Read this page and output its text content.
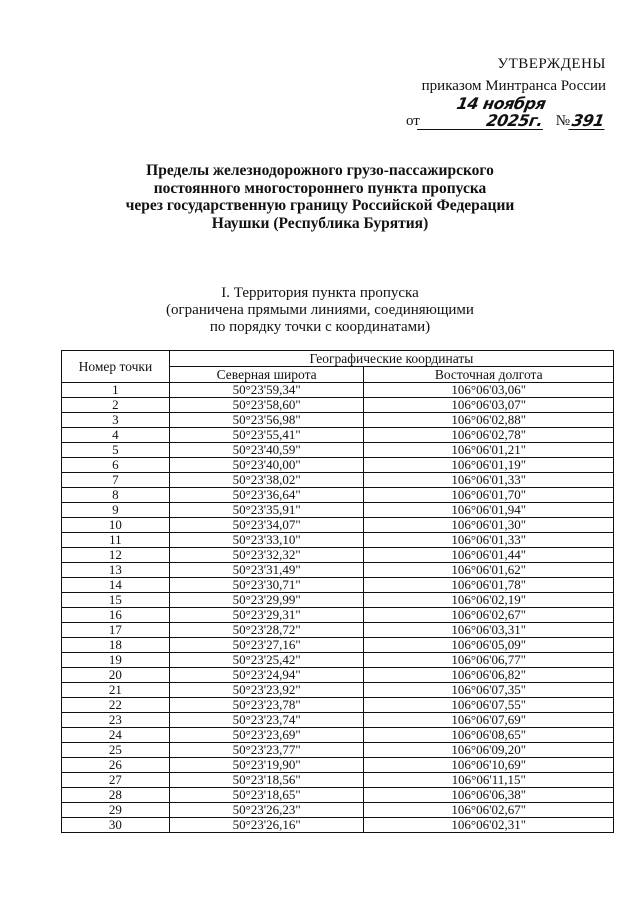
УТВЕРЖДЕНЫ
приказом Минтранса России
от
14 ноября 2025г. № 391
Пределы железнодорожного грузо-пассажирского
постоянного многостороннего пункта пропуска
через государственную границу Российской Федерации
Наушки (Республика Бурятия)
I. Территория пункта пропуска
(ограничена прямыми линиями, соединяющими
по порядку точки с координатами)
Номер точки	Географические координаты	
	Северная широта	Восточная долгота
1	50°23'59,34"	106°06'03,06"
2	50°23'58,60"	106°06'03,07"
3	50°23'56,98"	106°06'02,88"
4	50°23'55,41"	106°06'02,78"
5	50°23'40,59"	106°06'01,21"
6	50°23'40,00"	106°06'01,19"
7	50°23'38,02"	106°06'01,33"
8	50°23'36,64"	106°06'01,70"
9	50°23'35,91"	106°06'01,94"
10	50°23'34,07"	106°06'01,30"
11	50°23'33,10"	106°06'01,33"
12	50°23'32,32"	106°06'01,44"
13	50°23'31,49"	106°06'01,62"
14	50°23'30,71"	106°06'01,78"
15	50°23'29,99"	106°06'02,19"
16	50°23'29,31"	106°06'02,67"
17	50°23'28,72"	106°06'03,31"
18	50°23'27,16"	106°06'05,09"
19	50°23'25,42"	106°06'06,77"
20	50°23'24,94"	106°06'06,82"
21	50°23'23,92"	106°06'07,35"
22	50°23'23,78"	106°06'07,55"
23	50°23'23,74"	106°06'07,69"
24	50°23'23,69"	106°06'08,65"
25	50°23'23,77"	106°06'09,20"
26	50°23'19,90"	106°06'10,69"
27	50°23'18,56"	106°06'11,15"
28	50°23'18,65"	106°06'06,38"
29	50°23'26,23"	106°06'02,67"
30	50°23'26,16"	106°06'02,31"
